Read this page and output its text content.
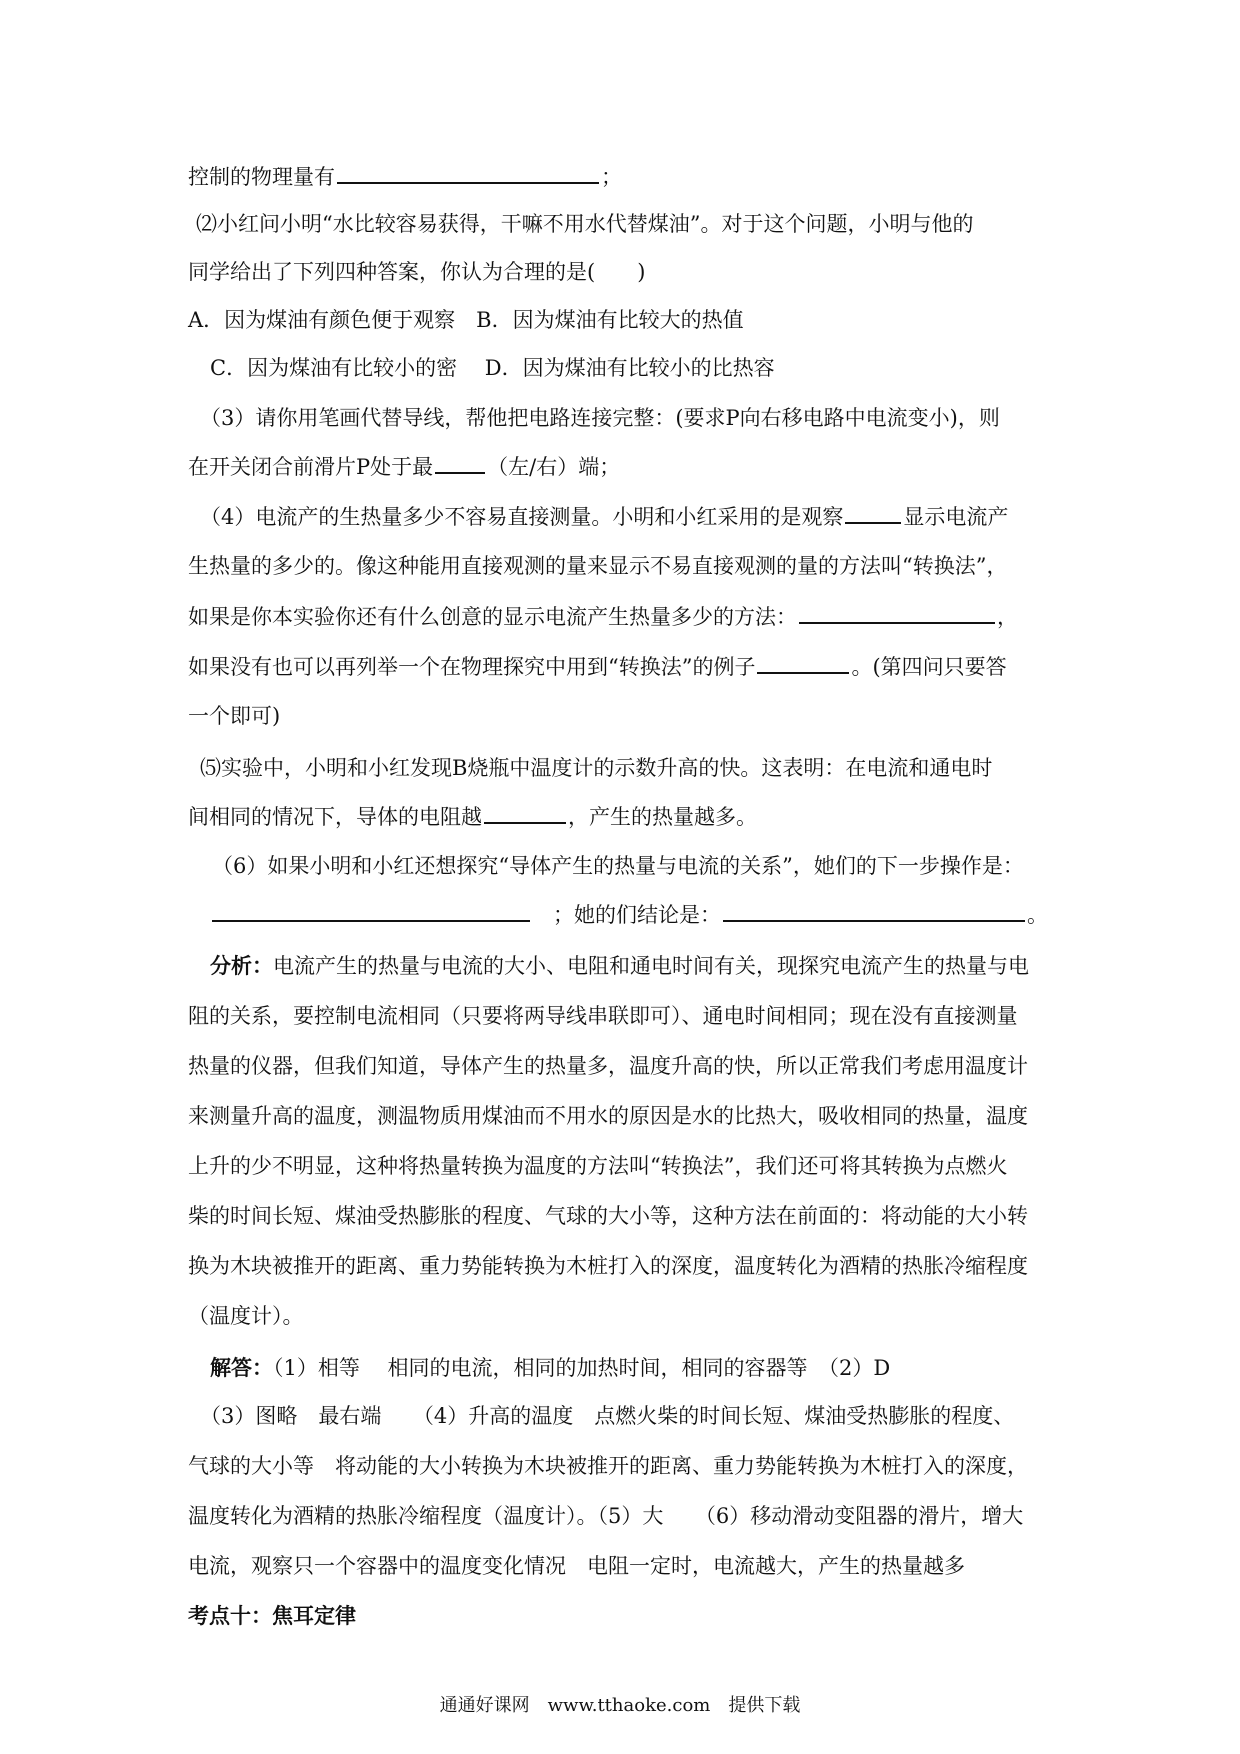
控制的物理量有	；
⑵小红问小明“水比较容易获得，干嘛不用水代替煤油”。对于这个问题，小明与他的
同学给出了下列四种答案，你认为合理的是(　　)
A．因为煤油有颜色便于观察　B．因为煤油有比较大的热值
C．因为煤油有比较小的密　 D．因为煤油有比较小的比热容
（3）请你用笔画代替导线，帮他把电路连接完整：(要求P向右移电路中电流变小)，则
在开关闭合前滑片P处于最	（左/右）端；
（4）电流产的生热量多少不容易直接测量。小明和小红采用的是观察	显示电流产
生热量的多少的。像这种能用直接观测的量来显示不易直接观测的量的方法叫“转换法”，
如果是你本实验你还有什么创意的显示电流产生热量多少的方法：	，
如果没有也可以再列举一个在物理探究中用到“转换法”的例子	。(第四问只要答
一个即可)
⑸实验中，小明和小红发现B烧瓶中温度计的示数升高的快。这表明：在电流和通电时
间相同的情况下，导体的电阻越	，产生的热量越多。
（6）如果小明和小红还想探究“导体产生的热量与电流的关系”，她们的下一步操作是：
　；她的们结论是：	。
分析：电流产生的热量与电流的大小、电阻和通电时间有关，现探究电流产生的热量与电
阻的关系，要控制电流相同（只要将两导线串联即可）、通电时间相同；现在没有直接测量
热量的仪器，但我们知道，导体产生的热量多，温度升高的快，所以正常我们考虑用温度计
来测量升高的温度，测温物质用煤油而不用水的原因是水的比热大，吸收相同的热量，温度
上升的少不明显，这种将热量转换为温度的方法叫“转换法”，我们还可将其转换为点燃火
柴的时间长短、煤油受热膨胀的程度、气球的大小等，这种方法在前面的：将动能的大小转
换为木块被推开的距离、重力势能转换为木桩打入的深度，温度转化为酒精的热胀冷缩程度
（温度计）。
解答：（1）相等　 相同的电流，相同的加热时间，相同的容器等　（2）D
（3）图略　最右端　　（4）升高的温度　点燃火柴的时间长短、煤油受热膨胀的程度、
气球的大小等　将动能的大小转换为木块被推开的距离、重力势能转换为木桩打入的深度，
温度转化为酒精的热胀冷缩程度（温度计）。（5）大　　（6）移动滑动变阻器的滑片，增大
电流，观察只一个容器中的温度变化情况　电阻一定时，电流越大，产生的热量越多
考点十：焦耳定律
通通好课网　www.tthaoke.com　提供下载
